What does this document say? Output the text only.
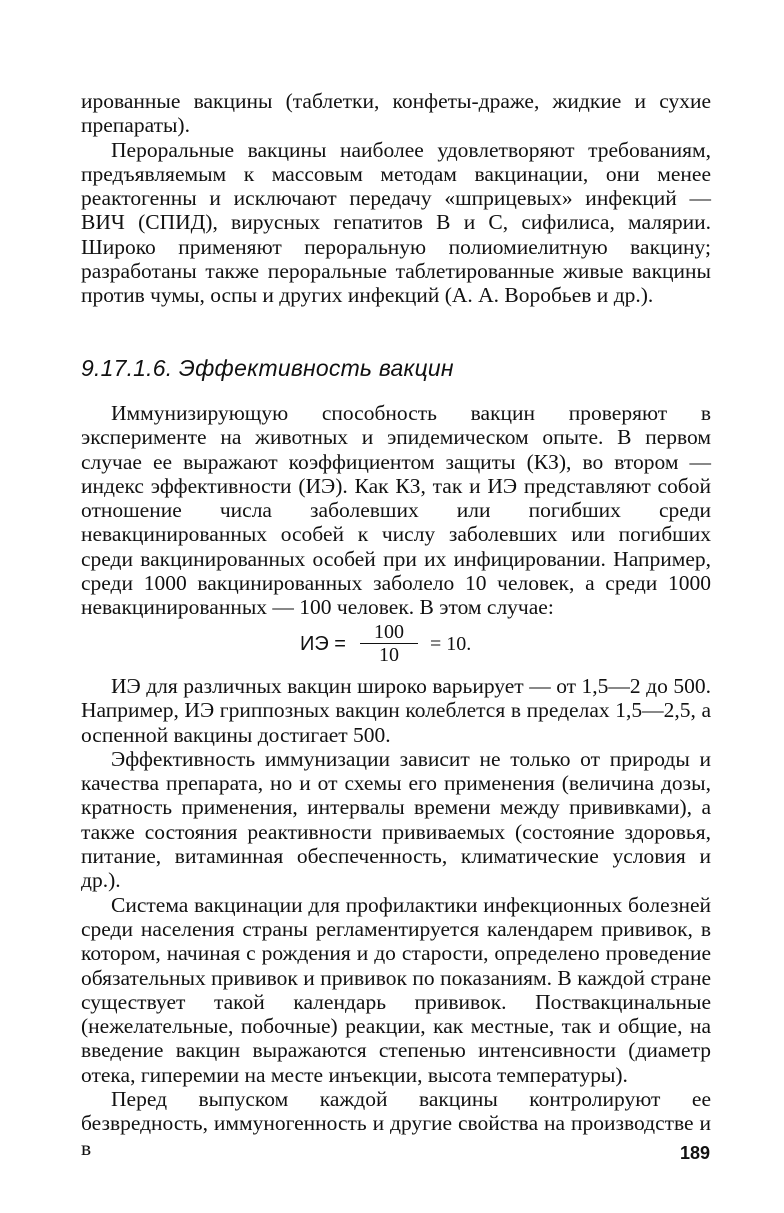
ированные вакцины (таблетки, конфеты-драже, жидкие и сухие препараты).

Пероральные вакцины наиболее удовлетворяют требованиям, предъявляемым к массовым методам вакцинации, они менее реактогенны и исключают передачу «шприцевых» инфекций — ВИЧ (СПИД), вирусных гепатитов В и С, сифилиса, малярии. Широко применяют пероральную полиомиелитную вакцину; разработаны также пероральные таблетированные живые вакцины против чумы, оспы и других инфекций (А. А. Воробьев и др.).

9.17.1.6. Эффективность вакцин

Иммунизирующую способность вакцин проверяют в эксперименте на животных и эпидемическом опыте. В первом случае ее выражают коэффициентом защиты (КЗ), во втором — индекс эффективности (ИЭ). Как КЗ, так и ИЭ представляют собой отношение числа заболевших или погибших среди невакцинированных особей к числу заболевших или погибших среди вакцинированных особей при их инфицировании. Например, среди 1000 вакцинированных заболело 10 человек, а среди 1000 невакцинированных — 100 человек. В этом случае:

ИЭ = $\frac{100}{10} = 10$.

ИЭ для различных вакцин широко варьирует — от 1,5—2 до 500. Например, ИЭ гриппозных вакцин колеблется в пределах 1,5—2,5, а оспенной вакцины достигает 500.

Эффективность иммунизации зависит не только от природы и качества препарата, но и от схемы его применения (величина дозы, кратность применения, интервалы времени между прививками), а также состояния реактивности прививаемых (состояние здоровья, питание, витаминная обеспеченность, климатические условия и др.).

Система вакцинации для профилактики инфекционных болезней среди населения страны регламентируется календарем прививок, в котором, начиная с рождения и до старости, определено проведение обязательных прививок и прививок по показаниям. В каждой стране существует такой календарь прививок. Поствакцинальные (нежелательные, побочные) реакции, как местные, так и общие, на введение вакцин выражаются степенью интенсивности (диаметр отека, гиперемии на месте инъекции, высота температуры).

Перед выпуском каждой вакцины контролируют ее безвредность, иммуногенность и другие свойства на производстве и в	189
